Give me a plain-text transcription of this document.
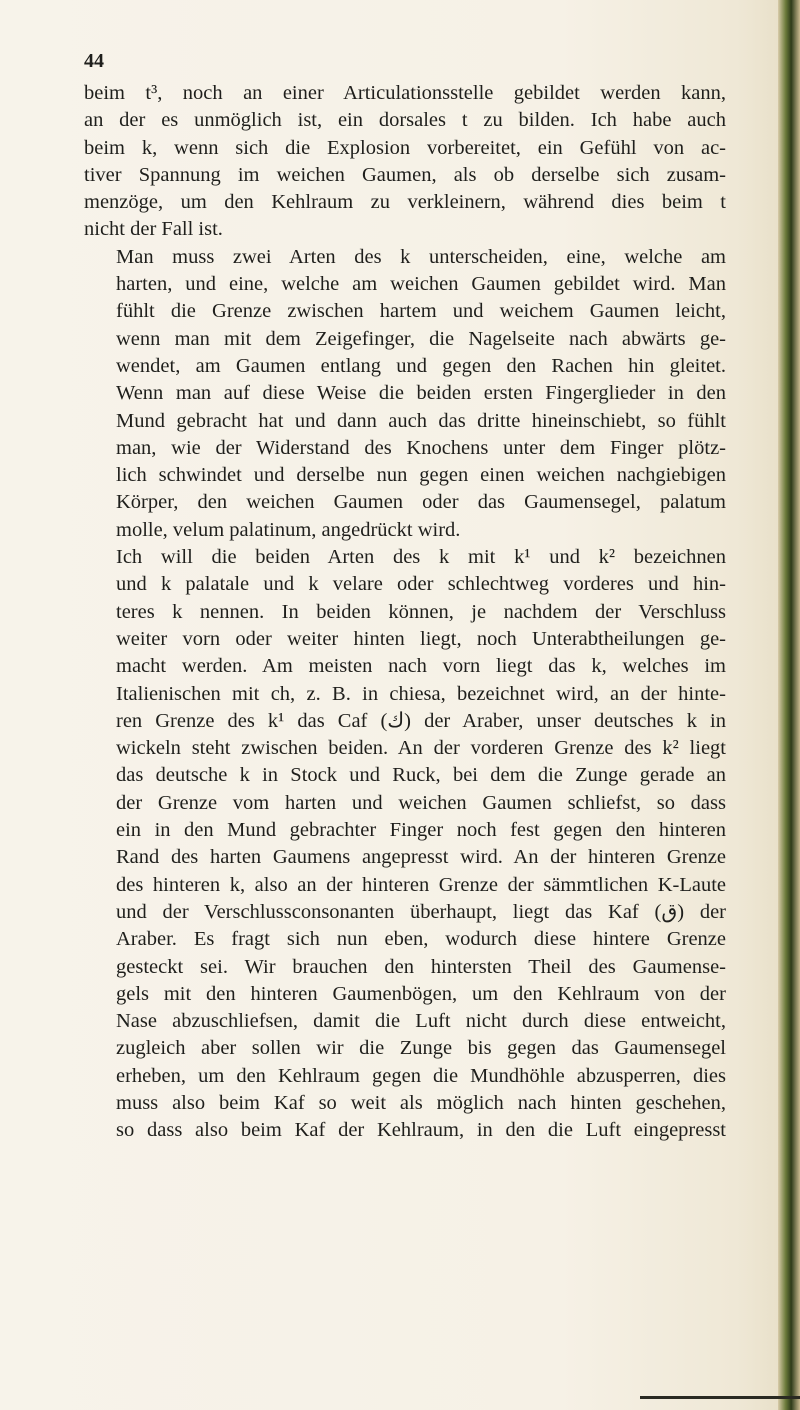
44

beim t³, noch an einer Articulationsstelle gebildet werden kann,
an der es unmöglich ist, ein dorsales t zu bilden. Ich habe auch
beim k, wenn sich die Explosion vorbereitet, ein Gefühl von ac-
tiver Spannung im weichen Gaumen, als ob derselbe sich zusam-
menzöge, um den Kehlraum zu verkleinern, während dies beim t
nicht der Fall ist.

Man muss zwei Arten des k unterscheiden, eine, welche am
harten, und eine, welche am weichen Gaumen gebildet wird. Man
fühlt die Grenze zwischen hartem und weichem Gaumen leicht,
wenn man mit dem Zeigefinger, die Nagelseite nach abwärts ge-
wendet, am Gaumen entlang und gegen den Rachen hin gleitet.
Wenn man auf diese Weise die beiden ersten Fingerglieder in den
Mund gebracht hat und dann auch das dritte hineinschiebt, so fühlt
man, wie der Widerstand des Knochens unter dem Finger plötz-
lich schwindet und derselbe nun gegen einen weichen nachgiebigen
Körper, den weichen Gaumen oder das Gaumensegel, palatum
molle, velum palatinum, angedrückt wird.

Ich will die beiden Arten des k mit k¹ und k² bezeichnen
und k palatale und k velare oder schlechtweg vorderes und hin-
teres k nennen. In beiden können, je nachdem der Verschluss
weiter vorn oder weiter hinten liegt, noch Unterabtheilungen ge-
macht werden. Am meisten nach vorn liegt das k, welches im
Italienischen mit ch, z. B. in chiesa, bezeichnet wird, an der hinte-
ren Grenze des k¹ das Caf (ك) der Araber, unser deutsches k in
wickeln steht zwischen beiden. An der vorderen Grenze des k² liegt
das deutsche k in Stock und Ruck, bei dem die Zunge gerade an
der Grenze vom harten und weichen Gaumen schliefst, so dass
ein in den Mund gebrachter Finger noch fest gegen den hinteren
Rand des harten Gaumens angepresst wird. An der hinteren Grenze
des hinteren k, also an der hinteren Grenze der sämmtlichen K-Laute
und der Verschlussconsonanten überhaupt, liegt das Kaf (ق) der
Araber. Es fragt sich nun eben, wodurch diese hintere Grenze
gesteckt sei. Wir brauchen den hintersten Theil des Gaumense-
gels mit den hinteren Gaumenbögen, um den Kehlraum von der
Nase abzuschliefsen, damit die Luft nicht durch diese entweicht,
zugleich aber sollen wir die Zunge bis gegen das Gaumensegel
erheben, um den Kehlraum gegen die Mundhöhle abzusperren, dies
muss also beim Kaf so weit als möglich nach hinten geschehen,
so dass also beim Kaf der Kehlraum, in den die Luft eingepresst
